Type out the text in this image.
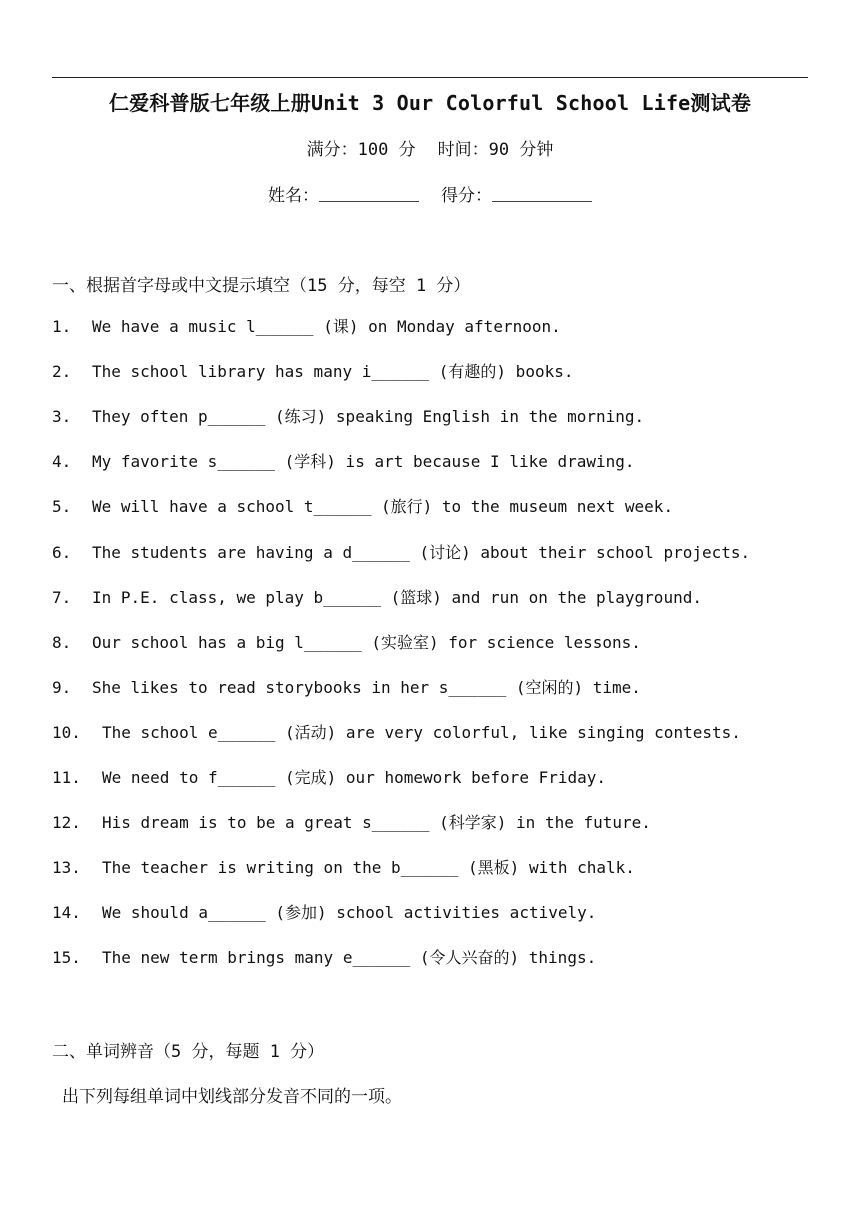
仁爱科普版七年级上册Unit 3 Our Colorful School Life测试卷
满分：100 分 时间：90 分钟
姓名：	得分：
一、根据首字母或中文提示填空（15 分，每空 1 分）
1. We have a music l______ (课) on Monday afternoon.
2. The school library has many i______ (有趣的) books.
3. They often p______ (练习) speaking English in the morning.
4. My favorite s______ (学科) is art because I like drawing.
5. We will have a school t______ (旅行) to the museum next week.
6. The students are having a d______ (讨论) about their school projects.
7. In P.E. class, we play b______ (篮球) and run on the playground.
8. Our school has a big l______ (实验室) for science lessons.
9. She likes to read storybooks in her s______ (空闲的) time.
10. The school e______ (活动) are very colorful, like singing contests.
11. We need to f______ (完成) our homework before Friday.
12. His dream is to be a great s______ (科学家) in the future.
13. The teacher is writing on the b______ (黑板) with chalk.
14. We should a______ (参加) school activities actively.
15. The new term brings many e______ (令人兴奋的) things.
二、单词辨音（5 分，每题 1 分）
出下列每组单词中划线部分发音不同的一项。
